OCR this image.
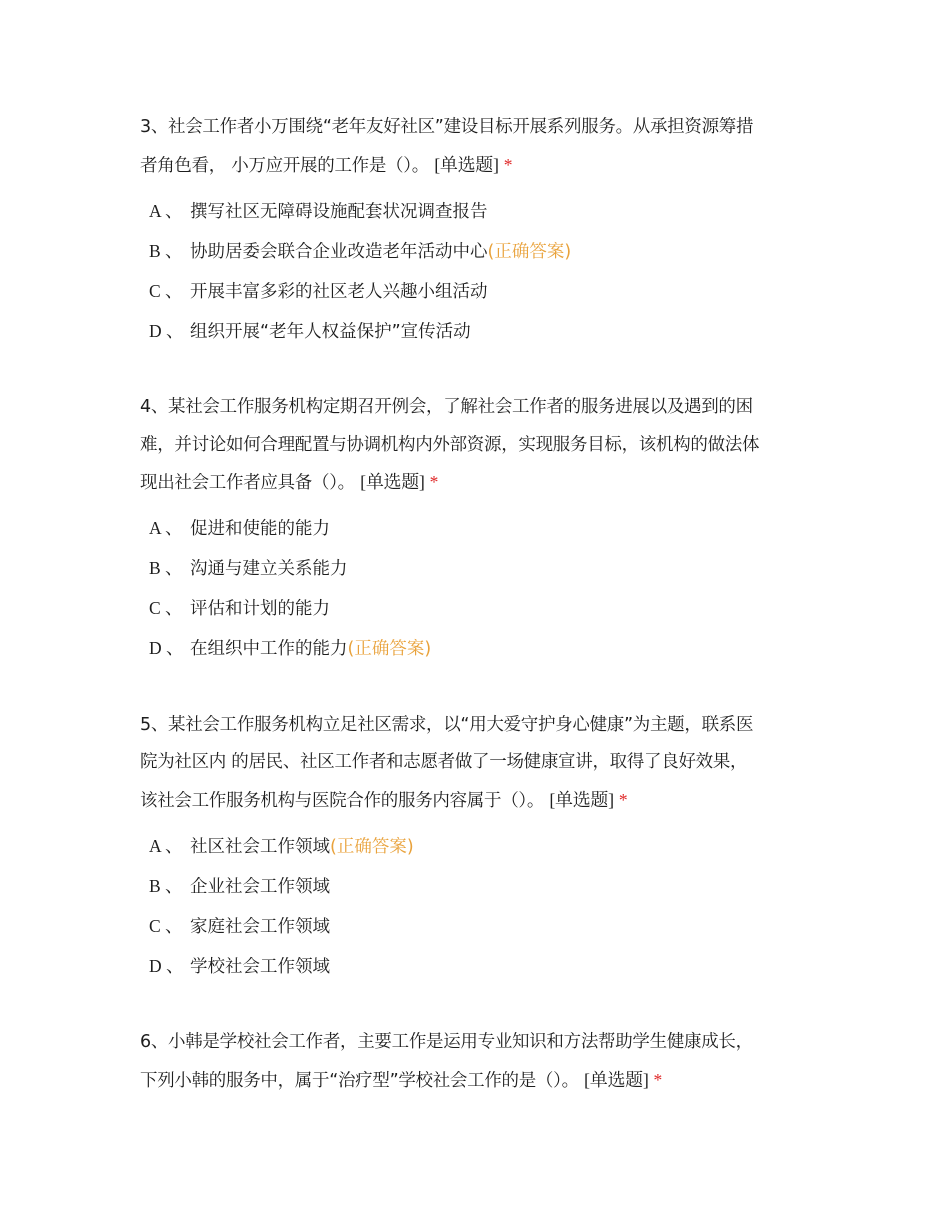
3、社会工作者小万围绕“老年友好社区”建设目标开展系列服务。从承担资源筹措
者角色看， 小万应开展的工作是（）。 [单选题] *
A 、 撰写社区无障碍设施配套状况调查报告
B 、 协助居委会联合企业改造老年活动中心(正确答案)
C 、 开展丰富多彩的社区老人兴趣小组活动
D 、 组织开展“老年人权益保护”宣传活动
4、某社会工作服务机构定期召开例会，了解社会工作者的服务进展以及遇到的困
难，并讨论如何合理配置与协调机构内外部资源，实现服务目标，该机构的做法体
现出社会工作者应具备（）。 [单选题] *
A 、 促进和使能的能力
B 、 沟通与建立关系能力
C 、 评估和计划的能力
D 、 在组织中工作的能力(正确答案)
5、某社会工作服务机构立足社区需求，以“用大爱守护身心健康”为主题，联系医
院为社区内 的居民、社区工作者和志愿者做了一场健康宣讲，取得了良好效果，
该社会工作服务机构与医院合作的服务内容属于（）。 [单选题] *
A 、 社区社会工作领域(正确答案)
B 、 企业社会工作领域
C 、 家庭社会工作领域
D 、 学校社会工作领域
6、小韩是学校社会工作者，主要工作是运用专业知识和方法帮助学生健康成长，
下列小韩的服务中，属于“治疗型”学校社会工作的是（）。 [单选题] *
